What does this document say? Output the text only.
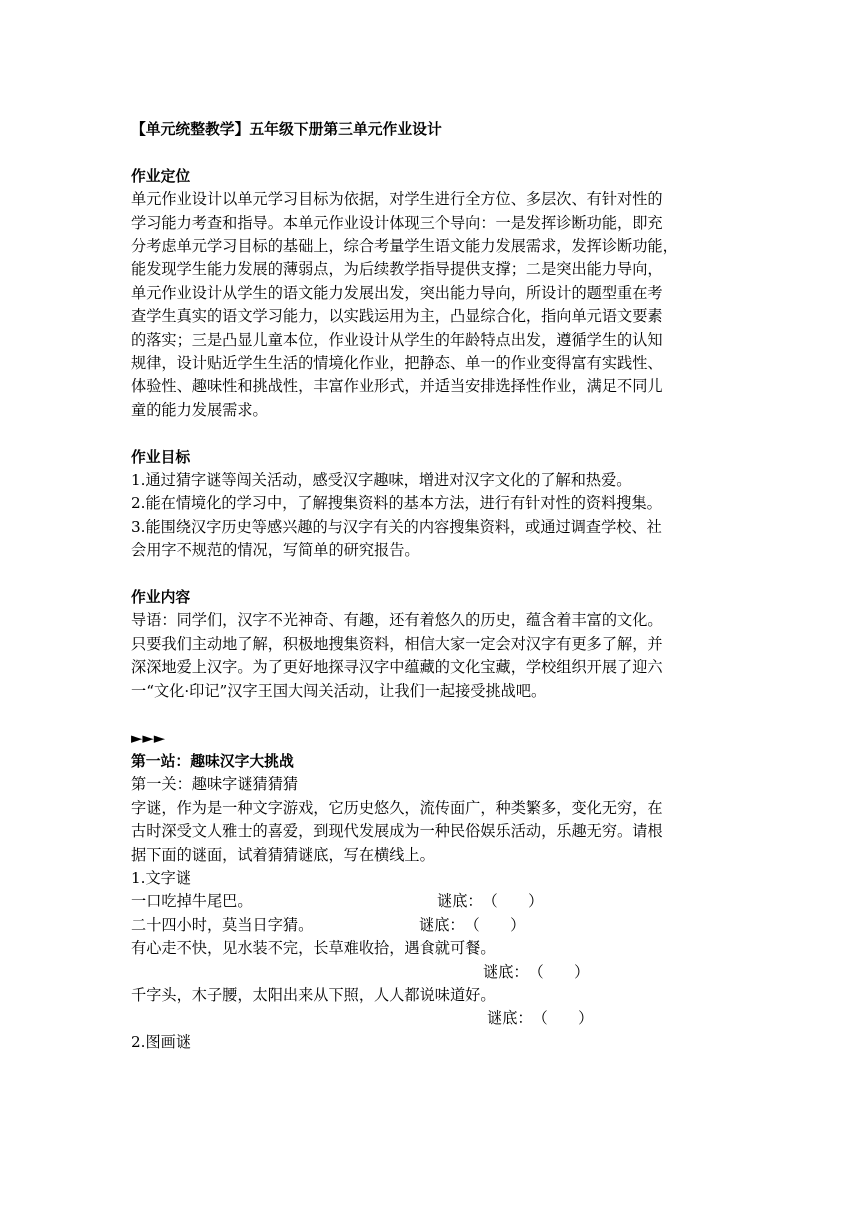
【单元统整教学】五年级下册第三单元作业设计

作业定位

单元作业设计以单元学习目标为依据，对学生进行全方位、多层次、有针对性的

学习能力考查和指导。本单元作业设计体现三个导向：一是发挥诊断功能，即充

分考虑单元学习目标的基础上，综合考量学生语文能力发展需求，发挥诊断功能，

能发现学生能力发展的薄弱点，为后续教学指导提供支撑；二是突出能力导向，

单元作业设计从学生的语文能力发展出发，突出能力导向，所设计的题型重在考

查学生真实的语文学习能力，以实践运用为主，凸显综合化，指向单元语文要素

的落实；三是凸显儿童本位，作业设计从学生的年龄特点出发，遵循学生的认知

规律，设计贴近学生生活的情境化作业，把静态、单一的作业变得富有实践性、

体验性、趣味性和挑战性，丰富作业形式，并适当安排选择性作业，满足不同儿

童的能力发展需求。

作业目标

1.通过猜字谜等闯关活动，感受汉字趣味，增进对汉字文化的了解和热爱。

2.能在情境化的学习中，了解搜集资料的基本方法，进行有针对性的资料搜集。

3.能围绕汉字历史等感兴趣的与汉字有关的内容搜集资料，或通过调查学校、社

会用字不规范的情况，写简单的研究报告。

作业内容

导语：同学们，汉字不光神奇、有趣，还有着悠久的历史，蕴含着丰富的文化。

只要我们主动地了解，积极地搜集资料，相信大家一定会对汉字有更多了解，并

深深地爱上汉字。为了更好地探寻汉字中蕴藏的文化宝藏，学校组织开展了迎六

一“文化·印记”汉字王国大闯关活动，让我们一起接受挑战吧。

►►►

第一站：趣味汉字大挑战

第一关：趣味字谜猜猜猜

字谜，作为是一种文字游戏，它历史悠久，流传面广，种类繁多，变化无穷，在

古时深受文人雅士的喜爱，到现代发展成为一种民俗娱乐活动，乐趣无穷。请根

据下面的谜面，试着猜猜谜底，写在横线上。

1.文字谜

一口吃掉牛尾巴。	谜底：　（　　）
二十四小时，莫当日字猜。	谜底：　（　　）
有心走不快，见水装不完，长草难收拾，遇食就可餐。
谜底：　（　　）
千字头，木子腰，太阳出来从下照，人人都说味道好。
谜底：　（　　）

2.图画谜
